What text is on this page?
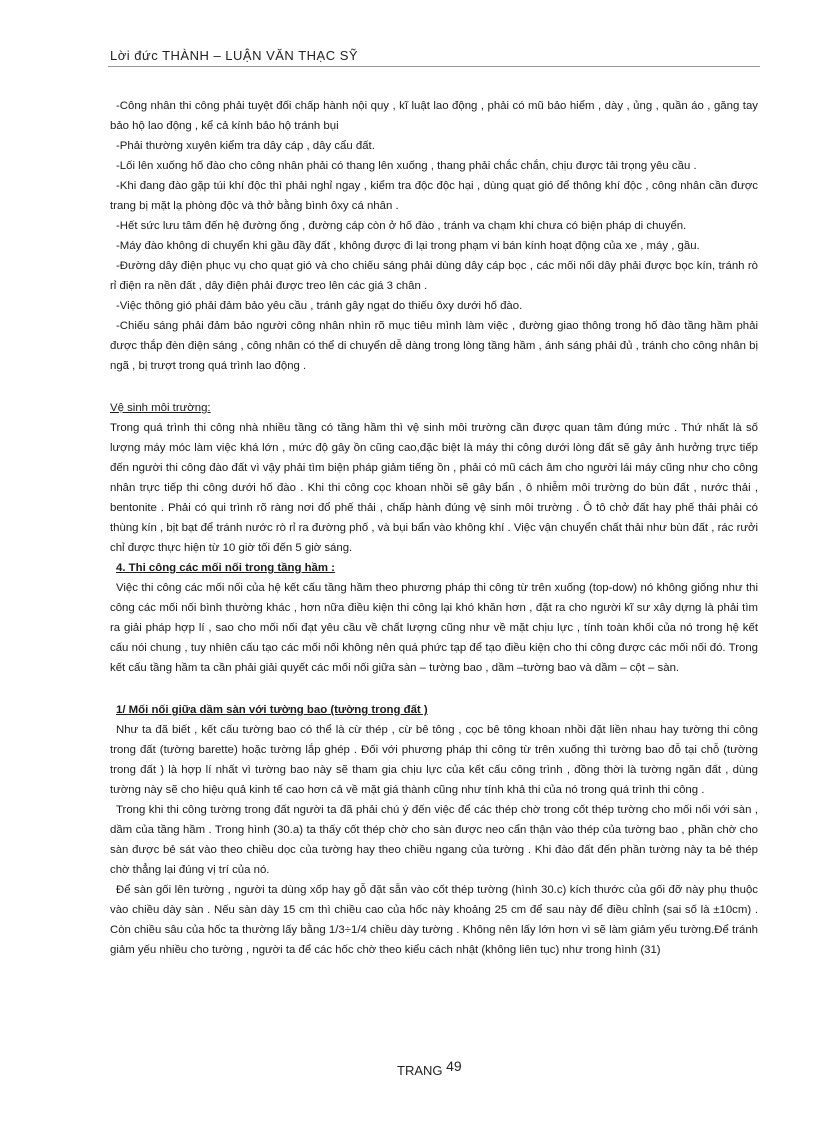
Lời đức THÀNH – LUẬN VĂN THẠC SỸ

-Công nhân thi công phải tuyệt đối chấp hành nội quy , kĩ luật lao động , phải có mũ bảo hiểm , dày , ủng , quần áo , găng tay bảo hộ lao động , kể cả kính bảo hộ tránh bụi

-Phải thường xuyên kiểm tra dây cáp , dây cẩu đất.

-Lối lên xuống hố đào cho công nhân phải có thang lên xuống , thang phải chắc chắn, chịu được tải trọng yêu cầu .

-Khi đang đào gặp túi khí độc thì phải nghỉ ngay , kiểm tra độc độc hại , dùng quạt gió để thông khí độc , công nhân cần được trang bị mặt lạ phòng độc và thở bằng bình ôxy cá nhân .

-Hết sức lưu tâm đến hệ đường ống , đường cáp còn ở hố đào , tránh va chạm khi chưa có biện pháp di chuyển.

-Máy đào không di chuyển khi gầu đầy đất , không được đi lại trong phạm vi bán kính hoạt động của xe , máy , gầu.

-Đường dây điện phục vụ cho quạt gió và cho chiếu sáng phải dùng dây cáp bọc , các mối nối dây phải được bọc kín, tránh rò rỉ điện ra nền đất , dây điện phải được treo lên các giá 3 chân .

-Việc thông gió phải đảm bảo yêu cầu , tránh gây ngạt do thiếu ôxy dưới hố đào.

-Chiếu sáng phải đảm bảo người công nhân nhìn rõ mục tiêu mình làm việc , đường giao thông trong hố đào tầng hầm phải được thắp đèn điện sáng , công nhân có thể di chuyển dễ dàng trong lòng tầng hầm , ánh sáng phải đủ , tránh cho công nhân bị ngã , bị trượt trong quá trình lao động .

Vệ sinh môi trường:

Trong quá trình thi công nhà nhiều tầng có tầng hầm thì vệ sinh môi trường cần được quan tâm đúng mức . Thứ nhất là số lượng máy móc làm việc khá lớn , mức độ gây ồn cũng cao,đặc biệt là máy thi công dưới lòng đất sẽ gây ảnh hưởng trực tiếp đến người thi công đào đất vì vậy phải tìm biện pháp giảm tiếng ồn , phải có mũ cách âm cho người lái máy cũng như cho công nhân trực tiếp thi công dưới hố đào . Khi thi công cọc khoan nhồi sẽ gây bẩn , ô nhiễm môi trường do bùn đất , nước thải , bentonite . Phải có qui trình rõ ràng nơi đổ phế thải , chấp hành đúng vệ sinh môi trường . Ô tô chở đất hay phế thải phải có thùng kín , bịt bạt để tránh nước rò rỉ ra đường phố , và bụi bẩn vào không khí . Việc vận chuyển chất thải như bùn đất , rác rưởi chỉ được thực hiện từ 10 giờ tối đến 5 giờ sáng.

4. Thi công các mối nối trong tầng hầm :

Việc thi công các mối nối của hệ kết cấu tầng hầm theo phương pháp thi công từ trên xuống (top-dow) nó không giống như thi công các mối nối bình thường khác , hơn nữa điều kiện thi công lại khó khăn hơn , đặt ra cho người kĩ sư xây dựng là phải tìm ra giải pháp hợp lí , sao cho mối nối đạt yêu cầu về chất lượng cũng như về mặt chịu lực , tính toàn khối của nó trong hệ kết cấu nói chung , tuy nhiên cấu tạo các mối nối không nên quá phức tạp để tạo điều kiện cho thi công được các mối nối đó. Trong kết cấu tầng hầm ta cần phải giải quyết các mối nối giữa sàn – tường bao , dầm –tường bao và dầm – cột – sàn.

1/ Mối nối giữa dầm sàn với tường bao (tường trong đất )

Như ta đã biết , kết cấu tường bao có thể là cừ thép , cừ bê tông , cọc bê tông khoan nhồi đặt liền nhau hay tường thi công trong đất (tường barette) hoặc tường lắp ghép . Đối với phương pháp thi công từ trên xuống thì tường bao đỗ tại chỗ (tường trong đất ) là hợp lí nhất vì tường bao này sẽ tham gia chịu lực của kết cấu công trình , đồng thời là tường ngăn đất , dùng tường này sẽ cho hiệu quả kinh tế cao hơn cả về mặt giá thành cũng như tính khả thi của nó trong quá trình thi công .

Trong khi thi công tường trong đất người ta đã phải chú ý đến việc để các thép chờ trong cốt thép tường cho mối nối với sàn , dầm của tầng hầm . Trong hình (30.a) ta thấy cốt thép chờ cho sàn được neo cẩn thận vào thép của tường bao , phần chờ cho sàn được bẻ sát vào theo chiều dọc của tường hay theo chiều ngang của tường . Khi đào đất đến phần tường này ta bẻ thép chờ thẳng lại đúng vị trí của nó.

Để sàn gối lên tường , người ta dùng xốp hay gỗ đặt sẵn vào cốt thép tường (hình 30.c) kích thước của gối đỡ này phụ thuộc vào chiều dày sàn . Nếu sàn dày 15 cm thì chiều cao của hốc này khoảng 25 cm để sau này để điều chỉnh (sai số là ±10cm) . Còn chiều sâu của hốc ta thường lấy bằng 1/3÷1/4 chiều dày tường . Không nên lấy lớn hơn vì sẽ làm giảm yếu tường.Để tránh giảm yếu nhiều cho tường , người ta để các hốc chờ theo kiểu cách nhật (không liên tục) như trong hình (31)

TRANG 49
